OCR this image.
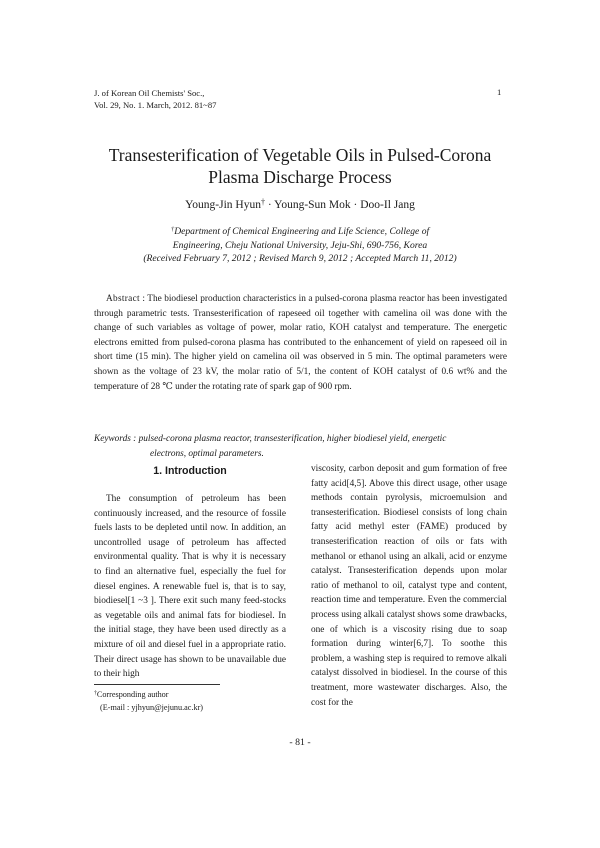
J. of Korean Oil Chemists' Soc.,
Vol. 29, No. 1. March, 2012. 81~87
1
Transesterification of Vegetable Oils in Pulsed-Corona
Plasma Discharge Process
Young-Jin Hyun† · Young-Sun Mok · Doo-Il Jang
†Department of Chemical Engineering and Life Science, College of
Engineering, Cheju National University, Jeju-Shi, 690-756, Korea
(Received February 7, 2012 ; Revised March 9, 2012 ; Accepted March 11, 2012)
Abstract : The biodiesel production characteristics in a pulsed-corona plasma reactor has been investigated through parametric tests. Transesterification of rapeseed oil together with camelina oil was done with the change of such variables as voltage of power, molar ratio, KOH catalyst and temperature. The energetic electrons emitted from pulsed-corona plasma has contributed to the enhancement of yield on rapeseed oil in short time (15 min). The higher yield on camelina oil was observed in 5 min. The optimal parameters were shown as the voltage of 23 kV, the molar ratio of 5/1, the content of KOH catalyst of 0.6 wt% and the temperature of 28 ℃ under the rotating rate of spark gap of 900 rpm.
Keywords : pulsed-corona plasma reactor, transesterification, higher biodiesel yield, energetic
electrons, optimal parameters.
1. Introduction
The consumption of petroleum has been continuously increased, and the resource of fossile fuels lasts to be depleted until now. In addition, an uncontrolled usage of petroleum has affected environmental quality. That is why it is necessary to find an alternative fuel, especially the fuel for diesel engines. A renewable fuel is, that is to say, biodiesel[1 ~3 ]. There exit such many feed-stocks as vegetable oils and animal fats for biodiesel. In the initial stage, they have been used directly as a mixture of oil and diesel fuel in a appropriate ratio. Their direct usage has shown to be unavailable due to their high
viscosity, carbon deposit and gum formation of free fatty acid[4,5]. Above this direct usage, other usage methods contain pyrolysis, microemulsion and transesterification. Biodiesel consists of long chain fatty acid methyl ester (FAME) produced by transesterification reaction of oils or fats with methanol or ethanol using an alkali, acid or enzyme catalyst. Transesterification depends upon molar ratio of methanol to oil, catalyst type and content, reaction time and temperature. Even the commercial process using alkali catalyst shows some drawbacks, one of which is a viscosity rising due to soap formation during winter[6,7]. To soothe this problem, a washing step is required to remove alkali catalyst dissolved in biodiesel. In the course of this treatment, more wastewater discharges. Also, the cost for the
†Corresponding author
(E-mail : yjhyun@jejunu.ac.kr)
- 81 -
